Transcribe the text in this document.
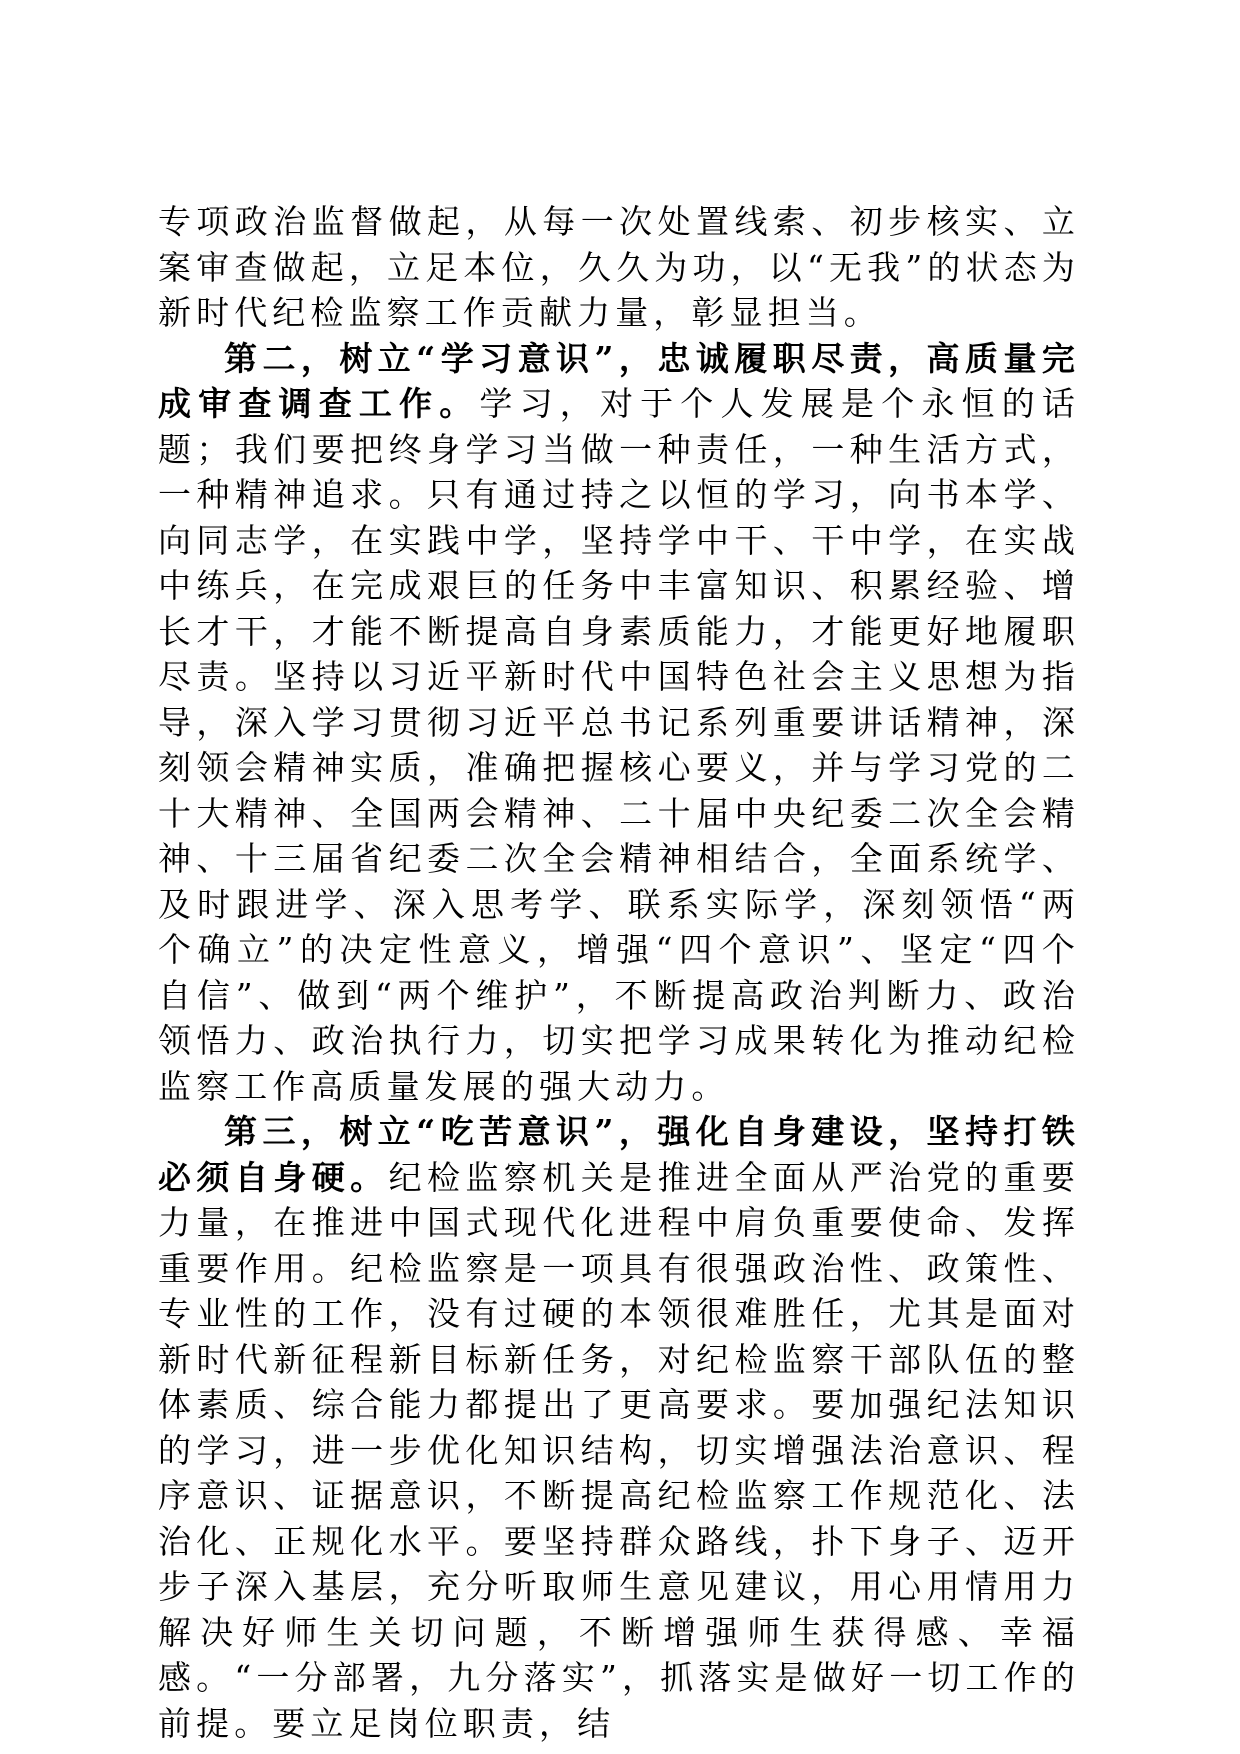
专项政治监督做起，从每一次处置线索、初步核实、立案审查做起，立足本位，久久为功，以“无我”的状态为新时代纪检监察工作贡献力量，彰显担当。

第二，树立“学习意识”，忠诚履职尽责，高质量完成审查调查工作。学习，对于个人发展是个永恒的话题；我们要把终身学习当做一种责任，一种生活方式，一种精神追求。只有通过持之以恒的学习，向书本学、向同志学，在实践中学，坚持学中干、干中学，在实战中练兵，在完成艰巨的任务中丰富知识、积累经验、增长才干，才能不断提高自身素质能力，才能更好地履职尽责。坚持以习近平新时代中国特色社会主义思想为指导，深入学习贯彻习近平总书记系列重要讲话精神，深刻领会精神实质，准确把握核心要义，并与学习党的二十大精神、全国两会精神、二十届中央纪委二次全会精神、十三届省纪委二次全会精神相结合，全面系统学、及时跟进学、深入思考学、联系实际学，深刻领悟“两个确立”的决定性意义，增强“四个意识”、坚定“四个自信”、做到“两个维护”，不断提高政治判断力、政治领悟力、政治执行力，切实把学习成果转化为推动纪检监察工作高质量发展的强大动力。

第三，树立“吃苦意识”，强化自身建设，坚持打铁必须自身硬。纪检监察机关是推进全面从严治党的重要力量，在推进中国式现代化进程中肩负重要使命、发挥重要作用。纪检监察是一项具有很强政治性、政策性、专业性的工作，没有过硬的本领很难胜任，尤其是面对新时代新征程新目标新任务，对纪检监察干部队伍的整体素质、综合能力都提出了更高要求。要加强纪法知识的学习，进一步优化知识结构，切实增强法治意识、程序意识、证据意识，不断提高纪检监察工作规范化、法治化、正规化水平。要坚持群众路线，扑下身子、迈开步子深入基层，充分听取师生意见建议，用心用情用力解决好师生关切问题，不断增强师生获得感、幸福感。“一分部署，九分落实”，抓落实是做好一切工作的前提。要立足岗位职责，结
